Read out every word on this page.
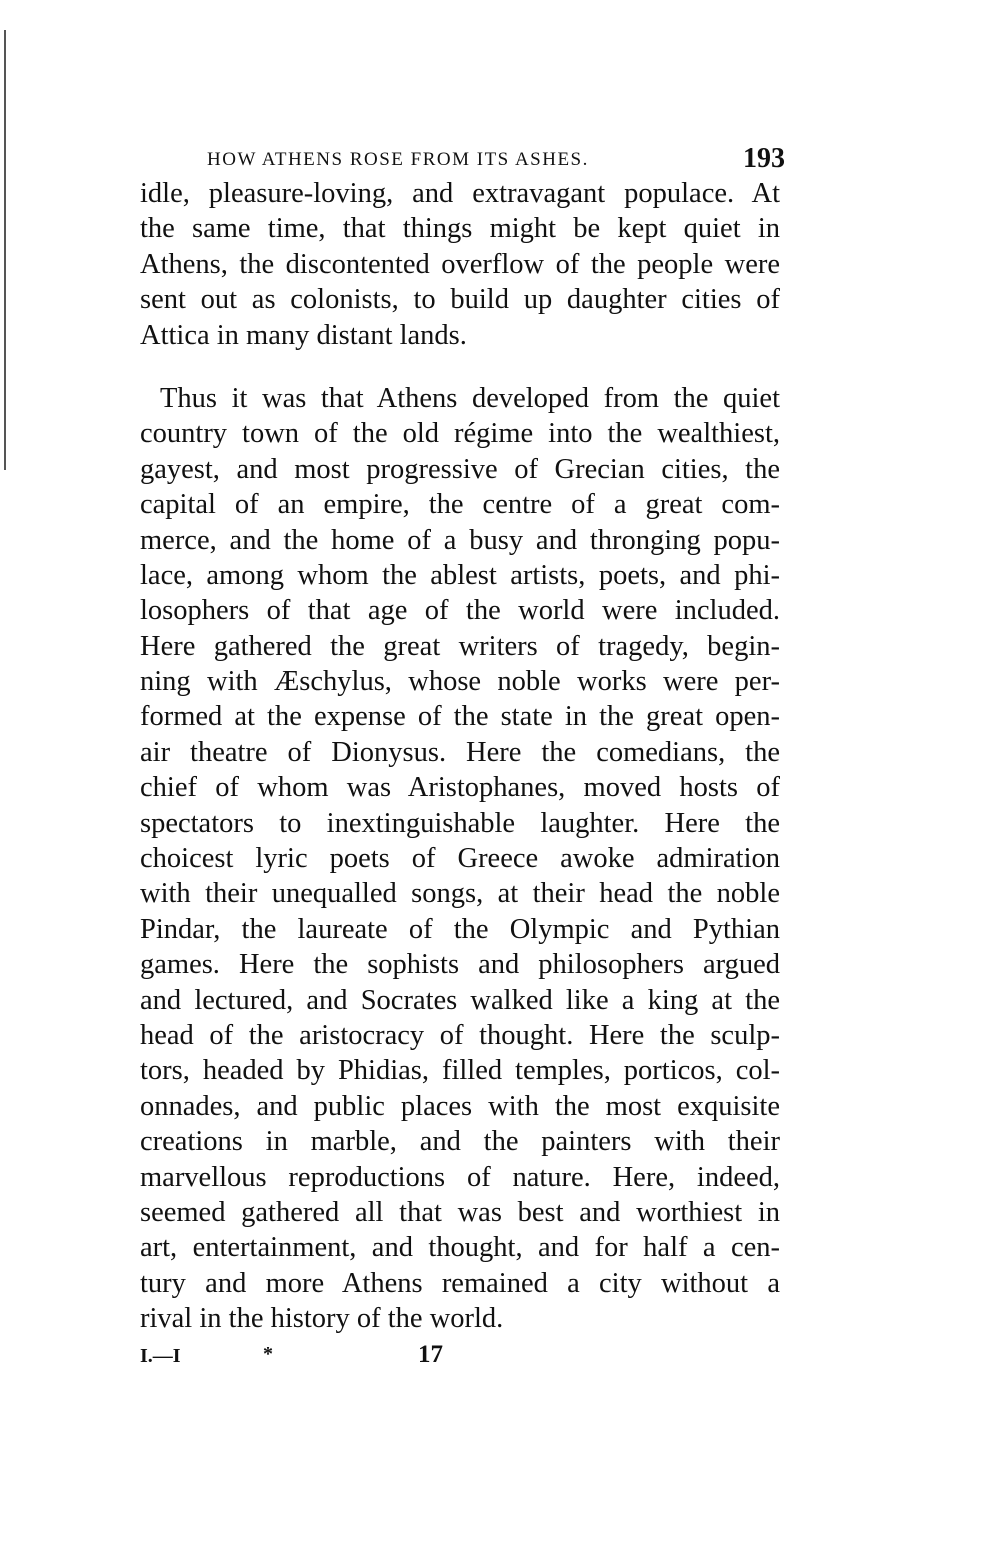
HOW ATHENS ROSE FROM ITS ASHES.	193
idle, pleasure-loving, and extravagant populace. At
the same time, that things might be kept quiet in
Athens, the discontented overflow of the people were
sent out as colonists, to build up daughter cities of
Attica in many distant lands.
Thus it was that Athens developed from the quiet
country town of the old régime into the wealthiest,
gayest, and most progressive of Grecian cities, the
capital of an empire, the centre of a great com-
merce, and the home of a busy and thronging popu-
lace, among whom the ablest artists, poets, and phi-
losophers of that age of the world were included.
Here gathered the great writers of tragedy, begin-
ning with Æschylus, whose noble works were per-
formed at the expense of the state in the great open-
air theatre of Dionysus. Here the comedians, the
chief of whom was Aristophanes, moved hosts of
spectators to inextinguishable laughter. Here the
choicest lyric poets of Greece awoke admiration
with their unequalled songs, at their head the noble
Pindar, the laureate of the Olympic and Pythian
games. Here the sophists and philosophers argued
and lectured, and Socrates walked like a king at the
head of the aristocracy of thought. Here the sculp-
tors, headed by Phidias, filled temples, porticos, col-
onnades, and public places with the most exquisite
creations in marble, and the painters with their
marvellous reproductions of nature. Here, indeed,
seemed gathered all that was best and worthiest in
art, entertainment, and thought, and for half a cen-
tury and more Athens remained a city without a
rival in the history of the world.
I.—I	*	17
